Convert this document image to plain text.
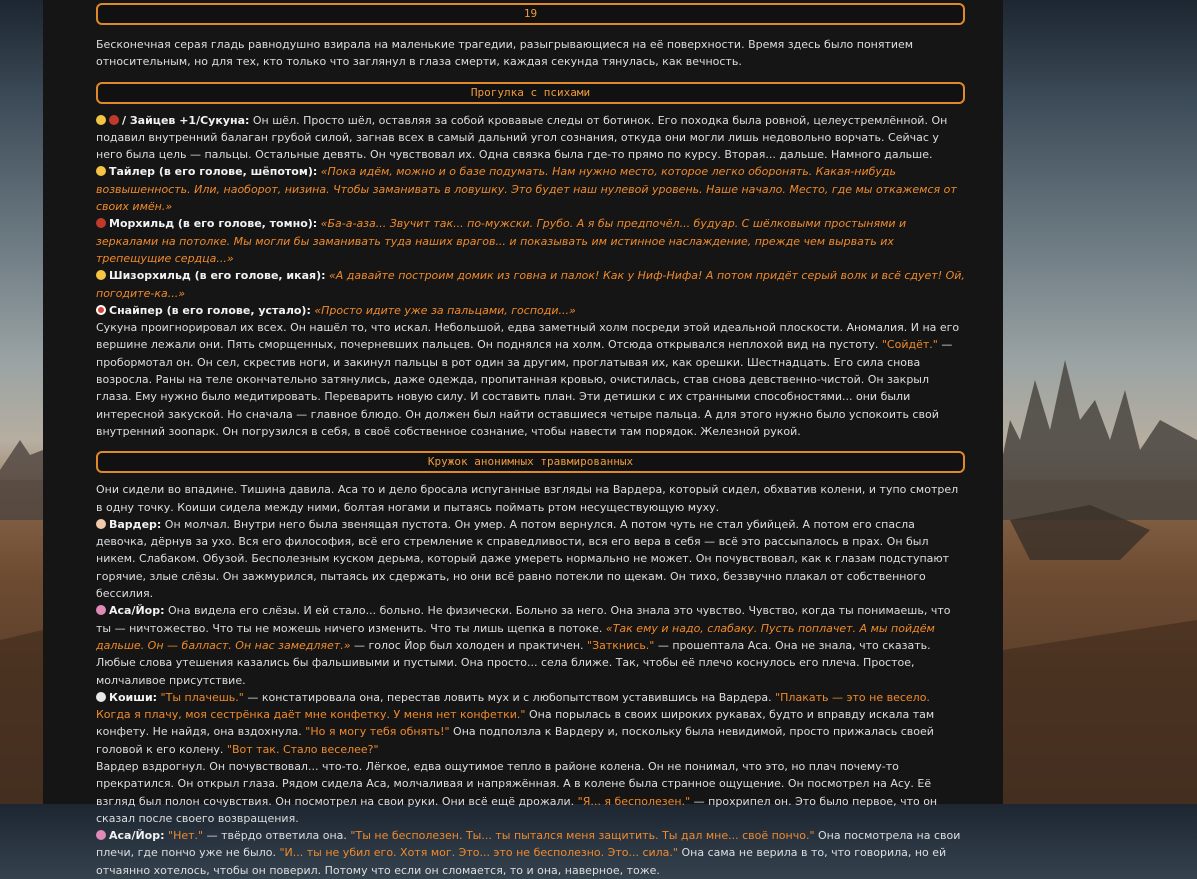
19

Бесконечная серая гладь равнодушно взирала на маленькие трагедии, разыгрывающиеся на её поверхности. Время здесь было понятием относительным, но для тех, кто только что заглянул в глаза смерти, каждая секунда тянулась, как вечность.

Прогулка с психами

/ Зайцев +1/Сукуна: Он шёл. Просто шёл, оставляя за собой кровавые следы от ботинок. Его походка была ровной, целеустремлённой. Он подавил внутренний балаган грубой силой, загнав всех в самый дальний угол сознания, откуда они могли лишь недовольно ворчать. Сейчас у него была цель — пальцы. Остальные девять. Он чувствовал их. Одна связка была где-то прямо по курсу. Вторая... дальше. Намного дальше.

Тайлер (в его голове, шёпотом): «Пока идём, можно и о базе подумать. Нам нужно место, которое легко оборонять. Какая-нибудь возвышенность. Или, наоборот, низина. Чтобы заманивать в ловушку. Это будет наш нулевой уровень. Наше начало. Место, где мы откажемся от своих имён.»

Морхильд (в его голове, томно): «Ба-а-аза... Звучит так... по-мужски. Грубо. А я бы предпочёл... будуар. С шёлковыми простынями и зеркалами на потолке. Мы могли бы заманивать туда наших врагов... и показывать им истинное наслаждение, прежде чем вырвать их трепещущие сердца...»

Шизорхильд (в его голове, икая): «А давайте построим домик из говна и палок! Как у Ниф-Нифа! А потом придёт серый волк и всё сдует! Ой, погодите-ка...»

Снайпер (в его голове, устало): «Просто идите уже за пальцами, господи...»

Сукуна проигнорировал их всех. Он нашёл то, что искал. Небольшой, едва заметный холм посреди этой идеальной плоскости. Аномалия. И на его вершине лежали они. Пять сморщенных, почерневших пальцев. Он поднялся на холм. Отсюда открывался неплохой вид на пустоту. "Сойдёт." — пробормотал он. Он сел, скрестив ноги, и закинул пальцы в рот один за другим, проглатывая их, как орешки. Шестнадцать. Его сила снова возросла. Раны на теле окончательно затянулись, даже одежда, пропитанная кровью, очистилась, став снова девственно-чистой. Он закрыл глаза. Ему нужно было медитировать. Переварить новую силу. И составить план. Эти детишки с их странными способностями... они были интересной закуской. Но сначала — главное блюдо. Он должен был найти оставшиеся четыре пальца. А для этого нужно было успокоить свой внутренний зоопарк. Он погрузился в себя, в своё собственное сознание, чтобы навести там порядок. Железной рукой.

Кружок анонимных травмированных

Они сидели во впадине. Тишина давила. Аса то и дело бросала испуганные взгляды на Вардера, который сидел, обхватив колени, и тупо смотрел в одну точку. Коиши сидела между ними, болтая ногами и пытаясь поймать ртом несуществующую муху.

Вардер: Он молчал. Внутри него была звенящая пустота. Он умер. А потом вернулся. А потом чуть не стал убийцей. А потом его спасла девочка, дёрнув за ухо. Вся его философия, всё его стремление к справедливости, вся его вера в себя — всё это рассыпалось в прах. Он был никем. Слабаком. Обузой. Бесполезным куском дерьма, который даже умереть нормально не может. Он почувствовал, как к глазам подступают горячие, злые слёзы. Он зажмурился, пытаясь их сдержать, но они всё равно потекли по щекам. Он тихо, беззвучно плакал от собственного бессилия.

Аса/Йор: Она видела его слёзы. И ей стало... больно. Не физически. Больно за него. Она знала это чувство. Чувство, когда ты понимаешь, что ты — ничтожество. Что ты не можешь ничего изменить. Что ты лишь щепка в потоке. «Так ему и надо, слабаку. Пусть поплачет. А мы пойдём дальше. Он — балласт. Он нас замедляет.» — голос Йор был холоден и практичен. "Заткнись." — прошептала Аса. Она не знала, что сказать. Любые слова утешения казались бы фальшивыми и пустыми. Она просто... села ближе. Так, чтобы её плечо коснулось его плеча. Простое, молчаливое присутствие.

Коиши: "Ты плачешь." — констатировала она, перестав ловить мух и с любопытством уставившись на Вардера. "Плакать — это не весело. Когда я плачу, моя сестрёнка даёт мне конфетку. У меня нет конфетки." Она порылась в своих широких рукавах, будто и вправду искала там конфету. Не найдя, она вздохнула. "Но я могу тебя обнять!" Она подползла к Вардеру и, поскольку была невидимой, просто прижалась своей головой к его колену. "Вот так. Стало веселее?"

Вардер вздрогнул. Он почувствовал... что-то. Лёгкое, едва ощутимое тепло в районе колена. Он не понимал, что это, но плач почему-то прекратился. Он открыл глаза. Рядом сидела Аса, молчаливая и напряжённая. А в колене была странное ощущение. Он посмотрел на Асу. Её взгляд был полон сочувствия. Он посмотрел на свои руки. Они всё ещё дрожали. "Я... я бесполезен." — прохрипел он. Это было первое, что он сказал после своего возвращения.

Аса/Йор: "Нет." — твёрдо ответила она. "Ты не бесполезен. Ты... ты пытался меня защитить. Ты дал мне... своё пончо." Она посмотрела на свои плечи, где пончо уже не было. "И... ты не убил его. Хотя мог. Это... это не бесполезно. Это... сила." Она сама не верила в то, что говорила, но ей отчаянно хотелось, чтобы он поверил. Потому что если он сломается, то и она, наверное, тоже.
